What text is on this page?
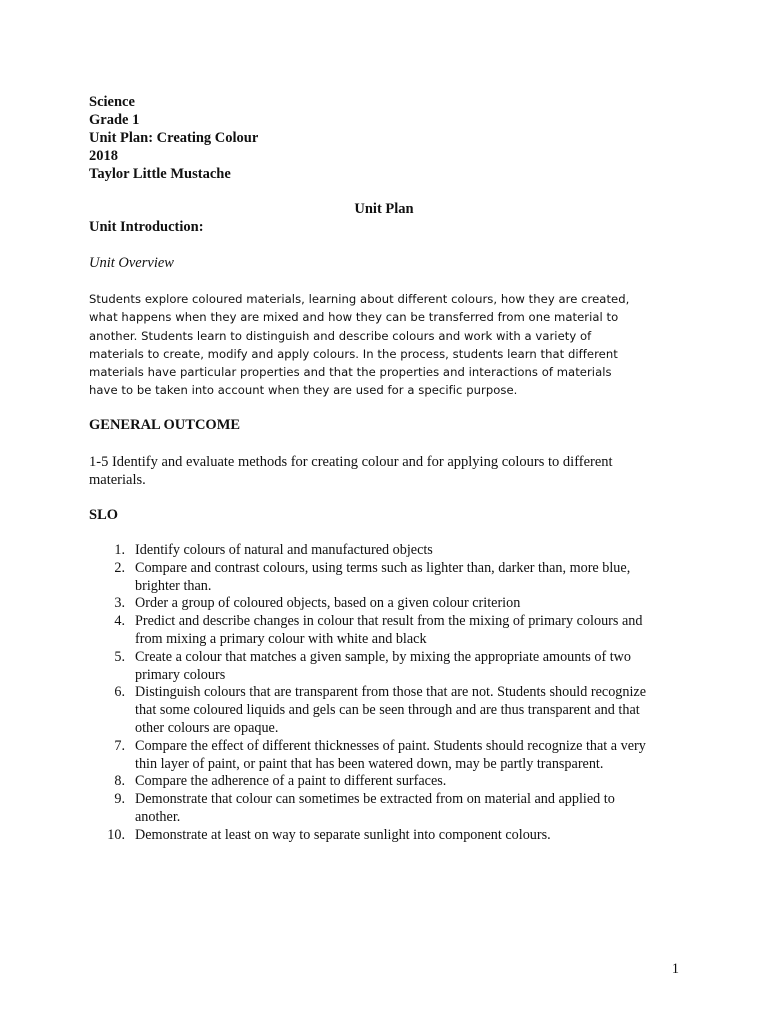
Science
Grade 1
Unit Plan: Creating Colour
2018
Taylor Little Mustache
Unit Plan
Unit Introduction:
Unit Overview
Students explore coloured materials, learning about different colours, how they are created,
what happens when they are mixed and how they can be transferred from one material to
another. Students learn to distinguish and describe colours and work with a variety of
materials to create, modify and apply colours. In the process, students learn that different
materials have particular properties and that the properties and interactions of materials
have to be taken into account when they are used for a specific purpose.
GENERAL OUTCOME
1-5 Identify and evaluate methods for creating colour and for applying colours to different
materials.
SLO
1. Identify colours of natural and manufactured objects
2. Compare and contrast colours, using terms such as lighter than, darker than, more blue,
brighter than.
3. Order a group of coloured objects, based on a given colour criterion
4. Predict and describe changes in colour that result from the mixing of primary colours and
from mixing a primary colour with white and black
5. Create a colour that matches a given sample, by mixing the appropriate amounts of two
primary colours
6. Distinguish colours that are transparent from those that are not. Students should recognize
that some coloured liquids and gels can be seen through and are thus transparent and that
other colours are opaque.
7. Compare the effect of different thicknesses of paint. Students should recognize that a very
thin layer of paint, or paint that has been watered down, may be partly transparent.
8. Compare the adherence of a paint to different surfaces.
9. Demonstrate that colour can sometimes be extracted from on material and applied to
another.
10. Demonstrate at least on way to separate sunlight into component colours.
1
